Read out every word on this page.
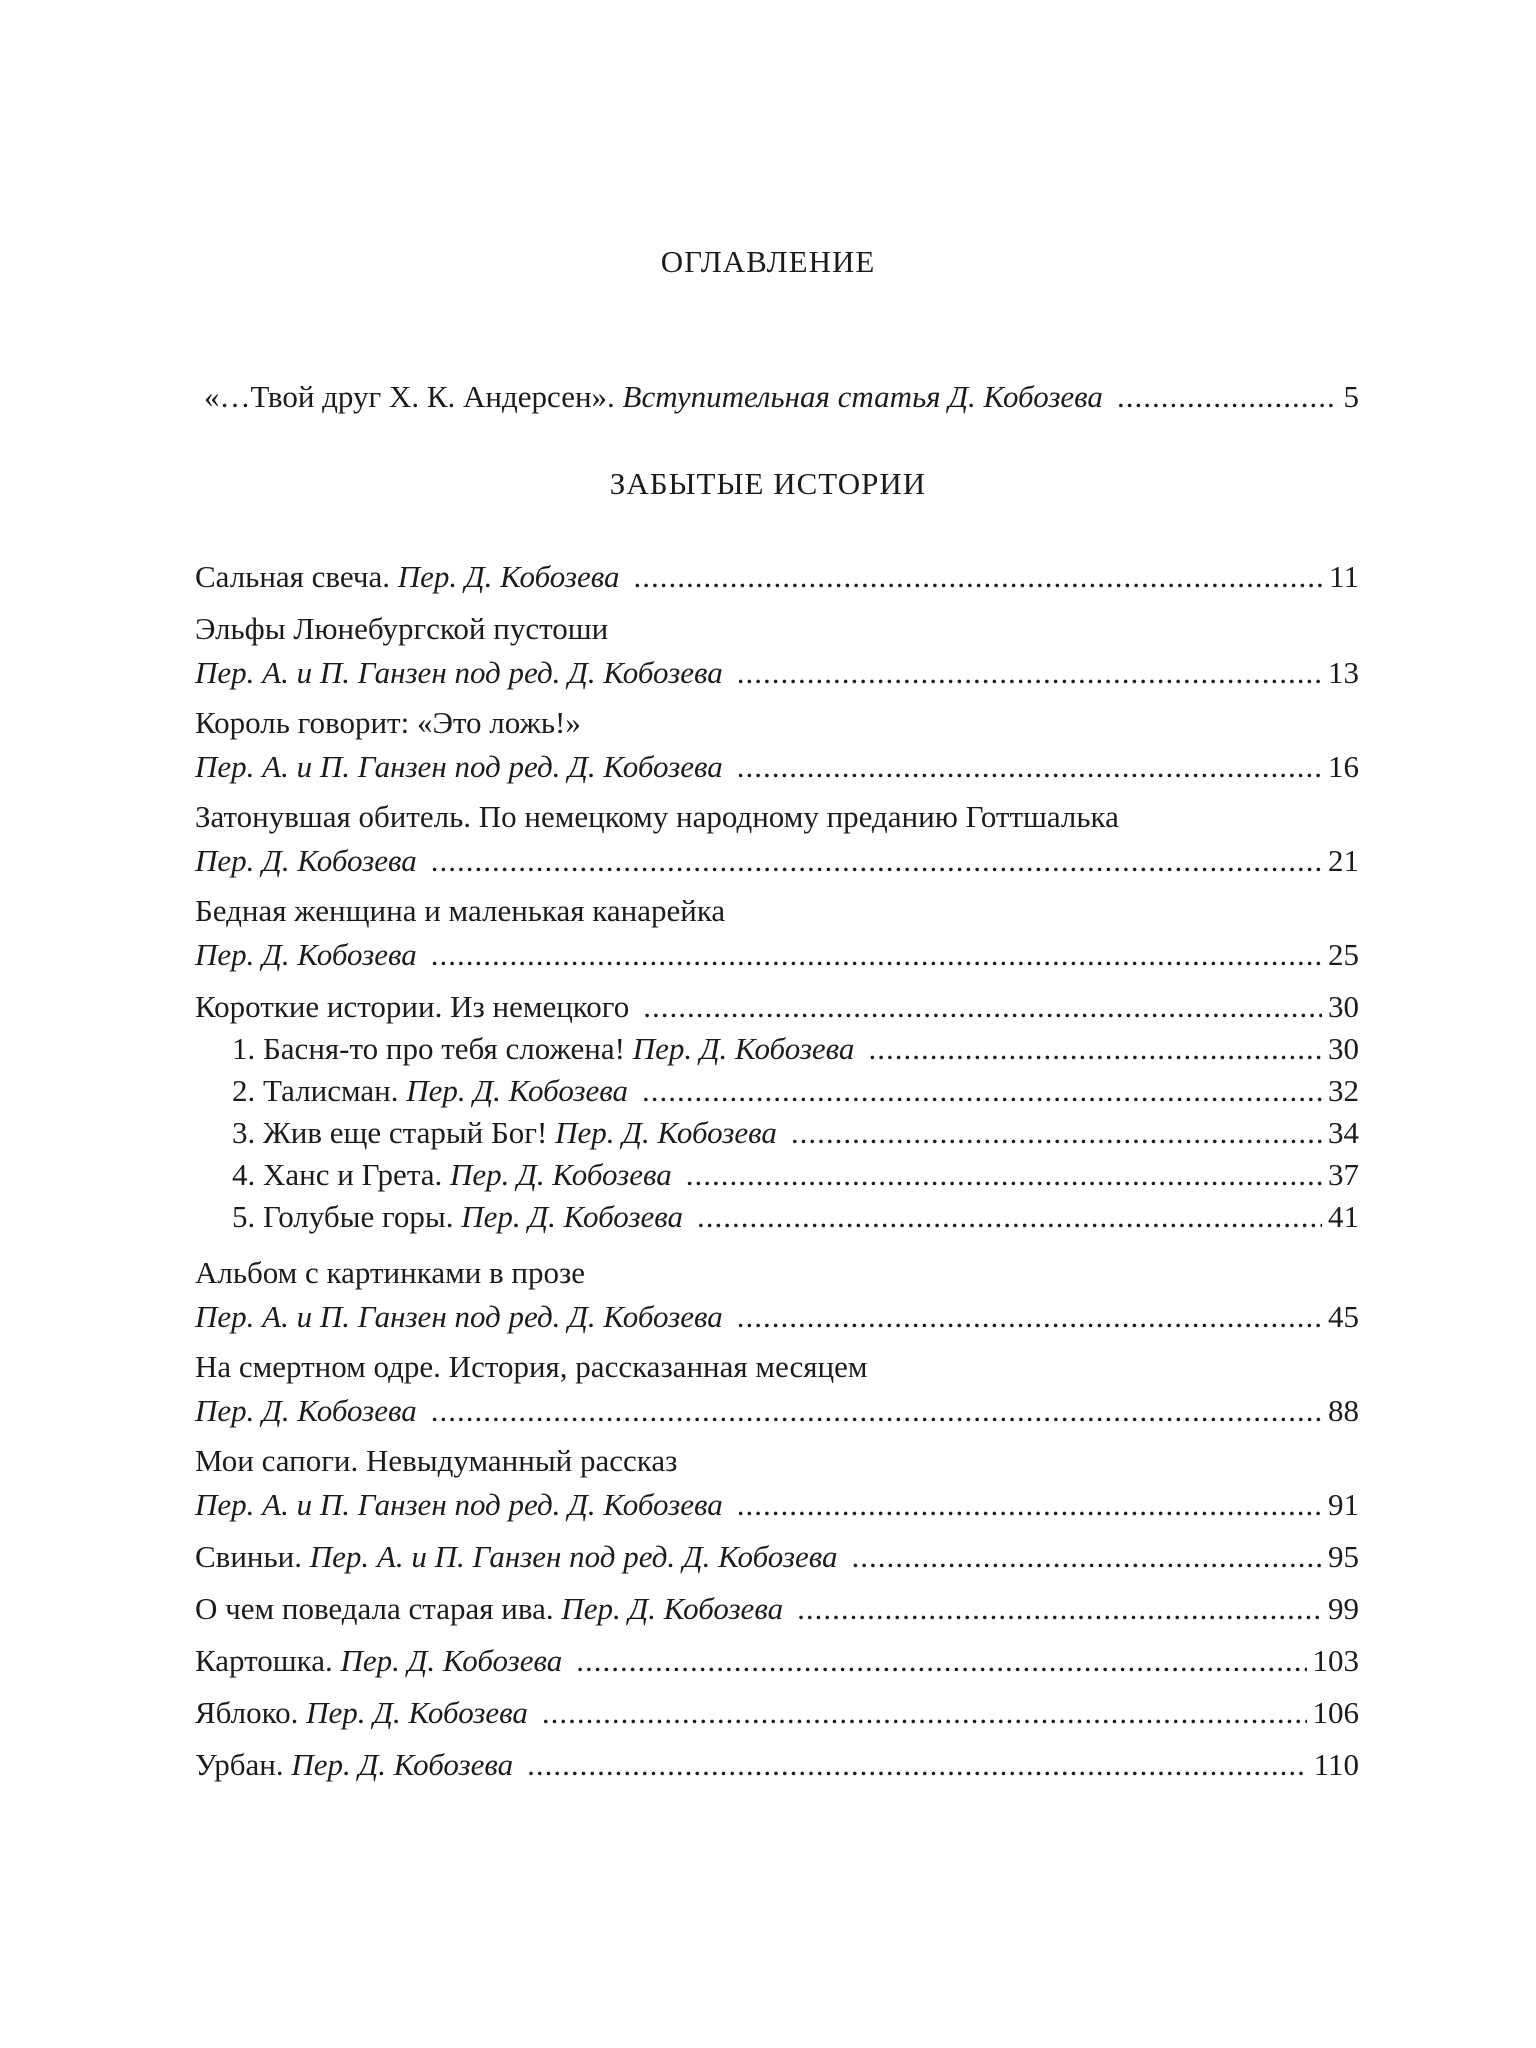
ОГЛАВЛЕНИЕ
«…Твой друг Х. К. Андерсен». Вступительная статья Д. Кобозева .....	5
ЗАБЫТЫЕ ИСТОРИИ
Сальная свеча. Пер. Д. Кобозева .....	11
Эльфы Люнебургской пустоши
Пер. А. и П. Ганзен под ред. Д. Кобозева .....	13
Король говорит: «Это ложь!»
Пер. А. и П. Ганзен под ред. Д. Кобозева .....	16
Затонувшая обитель. По немецкому народному преданию Готтшалька
Пер. Д. Кобозева .....	21
Бедная женщина и маленькая канарейка
Пер. Д. Кобозева .....	25
Короткие истории. Из немецкого .....	30
1. Басня-то про тебя сложена! Пер. Д. Кобозева .....	30
2. Талисман. Пер. Д. Кобозева .....	32
3. Жив еще старый Бог! Пер. Д. Кобозева .....	34
4. Ханс и Грета. Пер. Д. Кобозева .....	37
5. Голубые горы. Пер. Д. Кобозева .....	41
Альбом с картинками в прозе
Пер. А. и П. Ганзен под ред. Д. Кобозева .....	45
На смертном одре. История, рассказанная месяцем
Пер. Д. Кобозева .....	88
Мои сапоги. Невыдуманный рассказ
Пер. А. и П. Ганзен под ред. Д. Кобозева .....	91
Свиньи. Пер. А. и П. Ганзен под ред. Д. Кобозева .....	95
О чем поведала старая ива. Пер. Д. Кобозева .....	99
Картошка. Пер. Д. Кобозева .....	103
Яблоко. Пер. Д. Кобозева .....	106
Урбан. Пер. Д. Кобозева .....	110
